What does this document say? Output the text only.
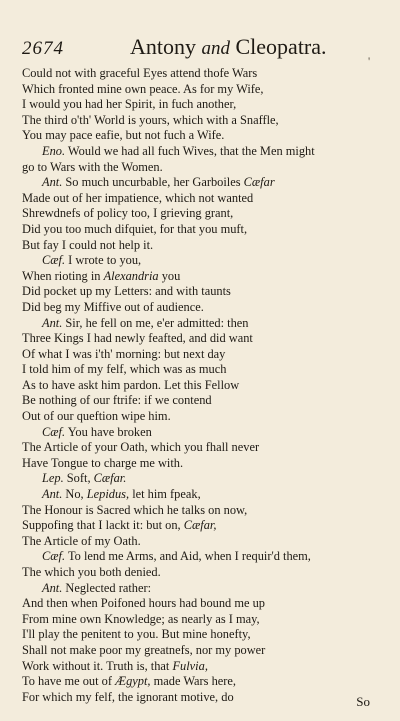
2674	Antony and Cleopatra.
Could not with graceful Eyes attend thofe Wars
Which fronted mine own peace. As for my Wife,
I would you had her Spirit, in fuch another,
The third o'th' World is yours, which with a Snaffle,
You may pace eafie, but not fuch a Wife.
Eno. Would we had all fuch Wives, that the Men might
go to Wars with the Women.
Ant. So much uncurbable, her Garboiles Cæfar
Made out of her impatience, which not wanted
Shrewdnefs of policy too, I grieving grant,
Did you too much difquiet, for that you muft,
But fay I could not help it.
Cæf. I wrote to you,
When rioting in Alexandria you
Did pocket up my Letters: and with taunts
Did beg my Miffive out of audience.
Ant. Sir, he fell on me, e'er admitted: then
Three Kings I had newly feafted, and did want
Of what I was i'th' morning: but next day
I told him of my felf, which was as much
As to have askt him pardon. Let this Fellow
Be nothing of our ftrife: if we contend
Out of our queftion wipe him.
Cæf. You have broken
The Article of your Oath, which you fhall never
Have Tongue to charge me with.
Lep. Soft, Cæfar.
Ant. No, Lepidus, let him fpeak,
The Honour is Sacred which he talks on now,
Suppofing that I lackt it: but on, Cæfar,
The Article of my Oath.
Cæf. To lend me Arms, and Aid, when I requir'd them,
The which you both denied.
Ant. Neglected rather:
And then when Poifoned hours had bound me up
From mine own Knowledge; as nearly as I may,
I'll play the penitent to you. But mine honefty,
Shall not make poor my greatnefs, nor my power
Work without it. Truth is, that Fulvia,
To have me out of Ægypt, made Wars here,
For which my felf, the ignorant motive, do	So
'
